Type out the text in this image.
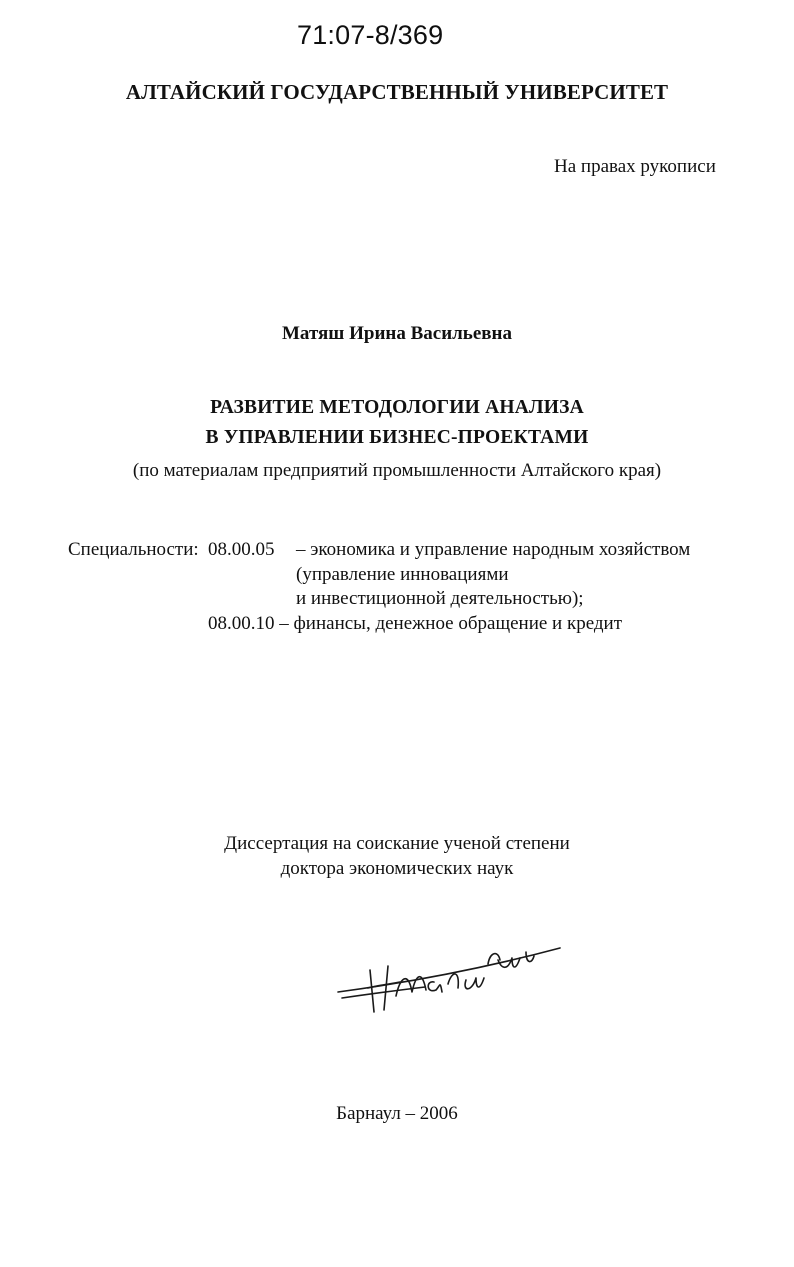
71:07-8/369

АЛТАЙСКИЙ ГОСУДАРСТВЕННЫЙ УНИВЕРСИТЕТ

На правах рукописи

Матяш Ирина Васильевна

РАЗВИТИЕ МЕТОДОЛОГИИ АНАЛИЗА

В УПРАВЛЕНИИ БИЗНЕС-ПРОЕКТАМИ

(по материалам предприятий промышленности Алтайского края)

Специальности: 08.00.05 – экономика и управление народным хозяйством
(управление инновациями
и инвестиционной деятельностью);
08.00.10 – финансы, денежное обращение и кредит

Диссертация на соискание ученой степени

доктора экономических наук

Барнаул – 2006
